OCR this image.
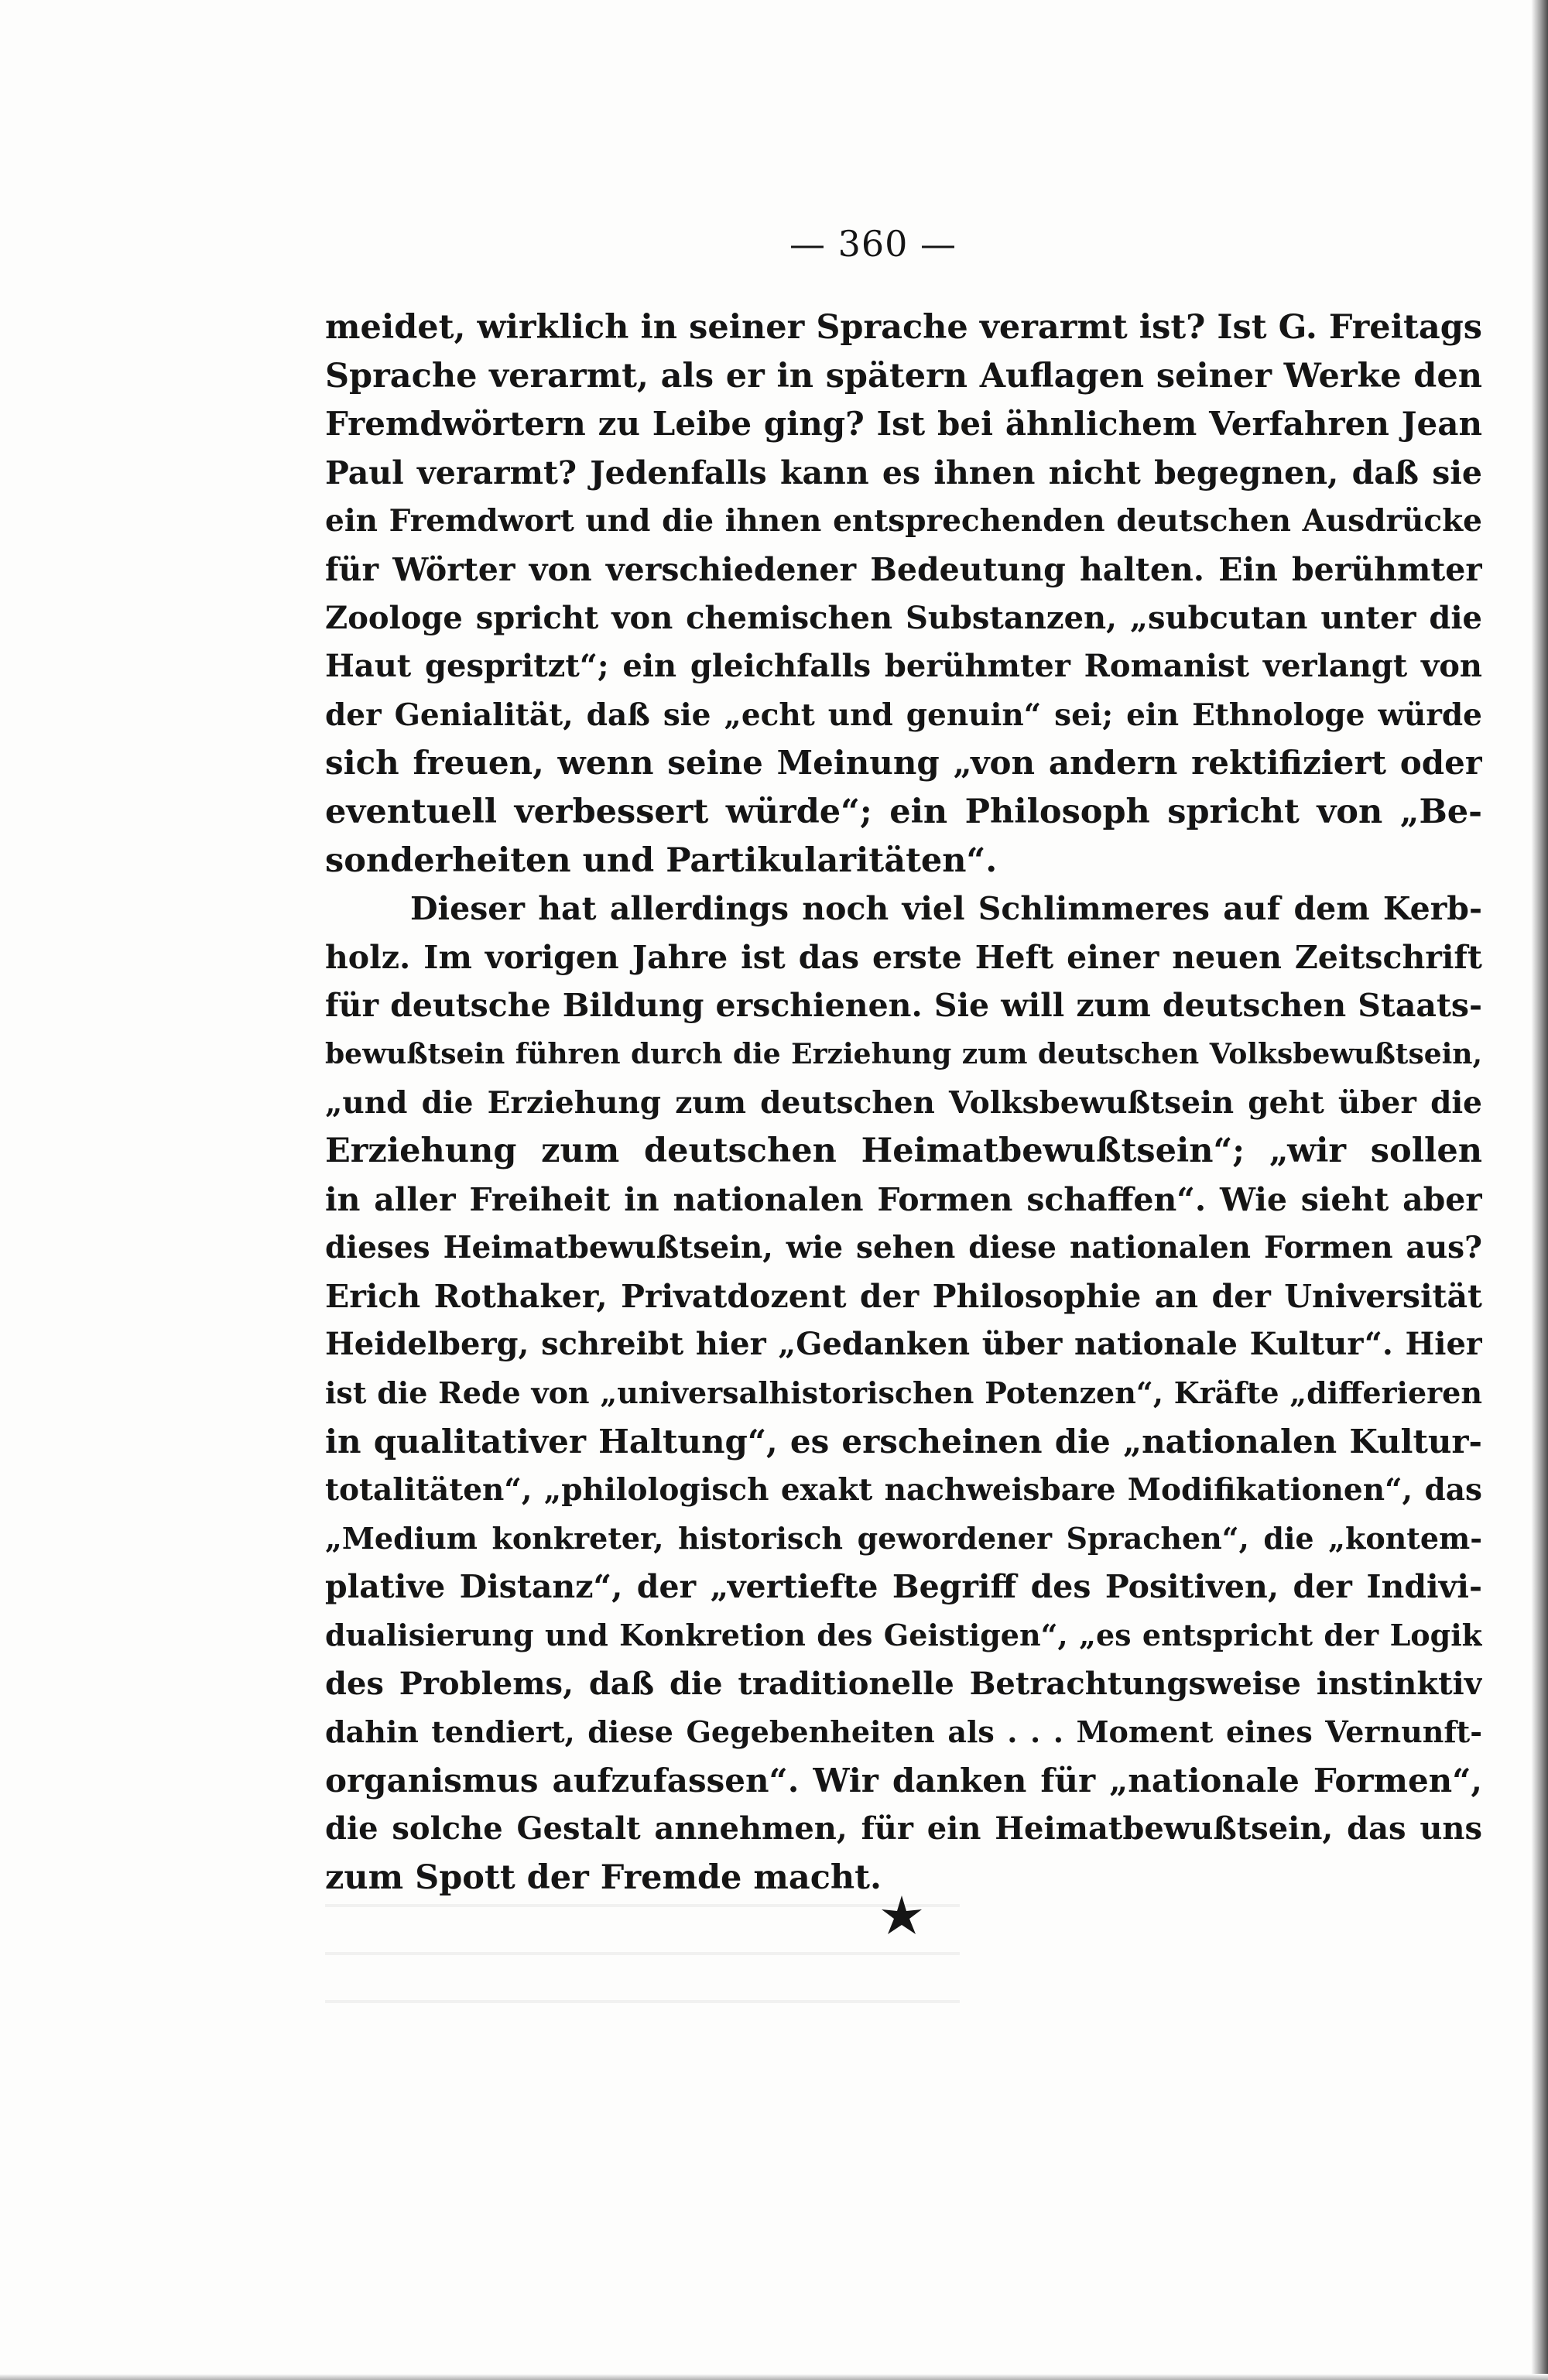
— 360 —
meidet, wirklich in seiner Sprache verarmt ist? Ist G. Freitags
Sprache verarmt, als er in spätern Auflagen seiner Werke den
Fremdwörtern zu Leibe ging? Ist bei ähnlichem Verfahren Jean
Paul verarmt? Jedenfalls kann es ihnen nicht begegnen, daß sie
ein Fremdwort und die ihnen entsprechenden deutschen Ausdrücke
für Wörter von verschiedener Bedeutung halten. Ein berühmter
Zoologe spricht von chemischen Substanzen, „subcutan unter die
Haut gespritzt“; ein gleichfalls berühmter Romanist verlangt von
der Genialität, daß sie „echt und genuin“ sei; ein Ethnologe würde
sich freuen, wenn seine Meinung „von andern rektifiziert oder
eventuell verbessert würde“; ein Philosoph spricht von „Be-
sonderheiten und Partikularitäten“.
Dieser hat allerdings noch viel Schlimmeres auf dem Kerb-
holz. Im vorigen Jahre ist das erste Heft einer neuen Zeitschrift
für deutsche Bildung erschienen. Sie will zum deutschen Staats-
bewußtsein führen durch die Erziehung zum deutschen Volksbewußtsein,
„und die Erziehung zum deutschen Volksbewußtsein geht über die
Erziehung zum deutschen Heimatbewußtsein“; „wir sollen
in aller Freiheit in nationalen Formen schaffen“. Wie sieht aber
dieses Heimatbewußtsein, wie sehen diese nationalen Formen aus?
Erich Rothaker, Privatdozent der Philosophie an der Universität
Heidelberg, schreibt hier „Gedanken über nationale Kultur“. Hier
ist die Rede von „universalhistorischen Potenzen“, Kräfte „differieren
in qualitativer Haltung“, es erscheinen die „nationalen Kultur-
totalitäten“, „philologisch exakt nachweisbare Modifikationen“, das
„Medium konkreter, historisch gewordener Sprachen“, die „kontem-
plative Distanz“, der „vertiefte Begriff des Positiven, der Indivi-
dualisierung und Konkretion des Geistigen“, „es entspricht der Logik
des Problems, daß die traditionelle Betrachtungsweise instinktiv
dahin tendiert, diese Gegebenheiten als . . . Moment eines Vernunft-
organismus aufzufassen“. Wir danken für „nationale Formen“,
die solche Gestalt annehmen, für ein Heimatbewußtsein, das uns
zum Spott der Fremde macht.
